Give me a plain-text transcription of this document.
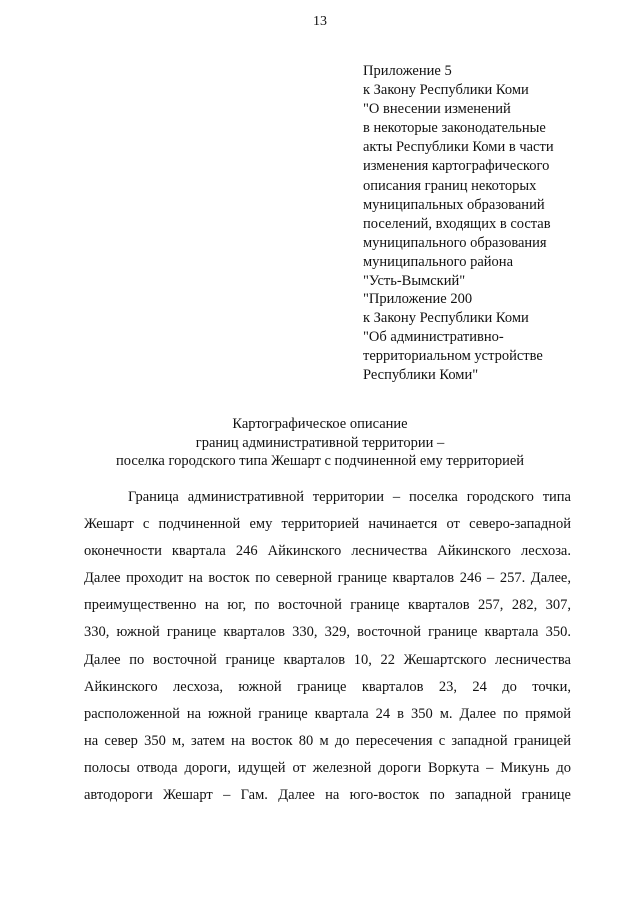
13
Приложение 5
к Закону Республики Коми
"О внесении изменений
в некоторые законодательные
акты Республики Коми в части
изменения картографического
описания границ некоторых
муниципальных образований
поселений, входящих в состав
муниципального образования
муниципального района
"Усть-Вымский"
"Приложение 200
к Закону Республики Коми
"Об административно-
территориальном устройстве
Республики Коми"
Картографическое описание
границ административной территории –
поселка городского типа Жешарт с подчиненной ему территорией
Граница административной территории – поселка городского типа
Жешарт с подчиненной ему территорией начинается от северо-западной
оконечности квартала 246 Айкинского лесничества Айкинского лесхоза.
Далее проходит на восток по северной границе кварталов 246 – 257. Далее,
преимущественно на юг, по восточной границе кварталов 257, 282, 307,
330, южной границе кварталов 330, 329, восточной границе квартала 350.
Далее по восточной границе кварталов 10, 22 Жешартского лесничества
Айкинского лесхоза, южной границе кварталов 23, 24 до точки,
расположенной на южной границе квартала 24 в 350 м. Далее по прямой
на север 350 м, затем на восток 80 м до пересечения с западной границей
полосы отвода дороги, идущей от железной дороги Воркута – Микунь до
автодороги Жешарт – Гам. Далее на юго-восток по западной границе
